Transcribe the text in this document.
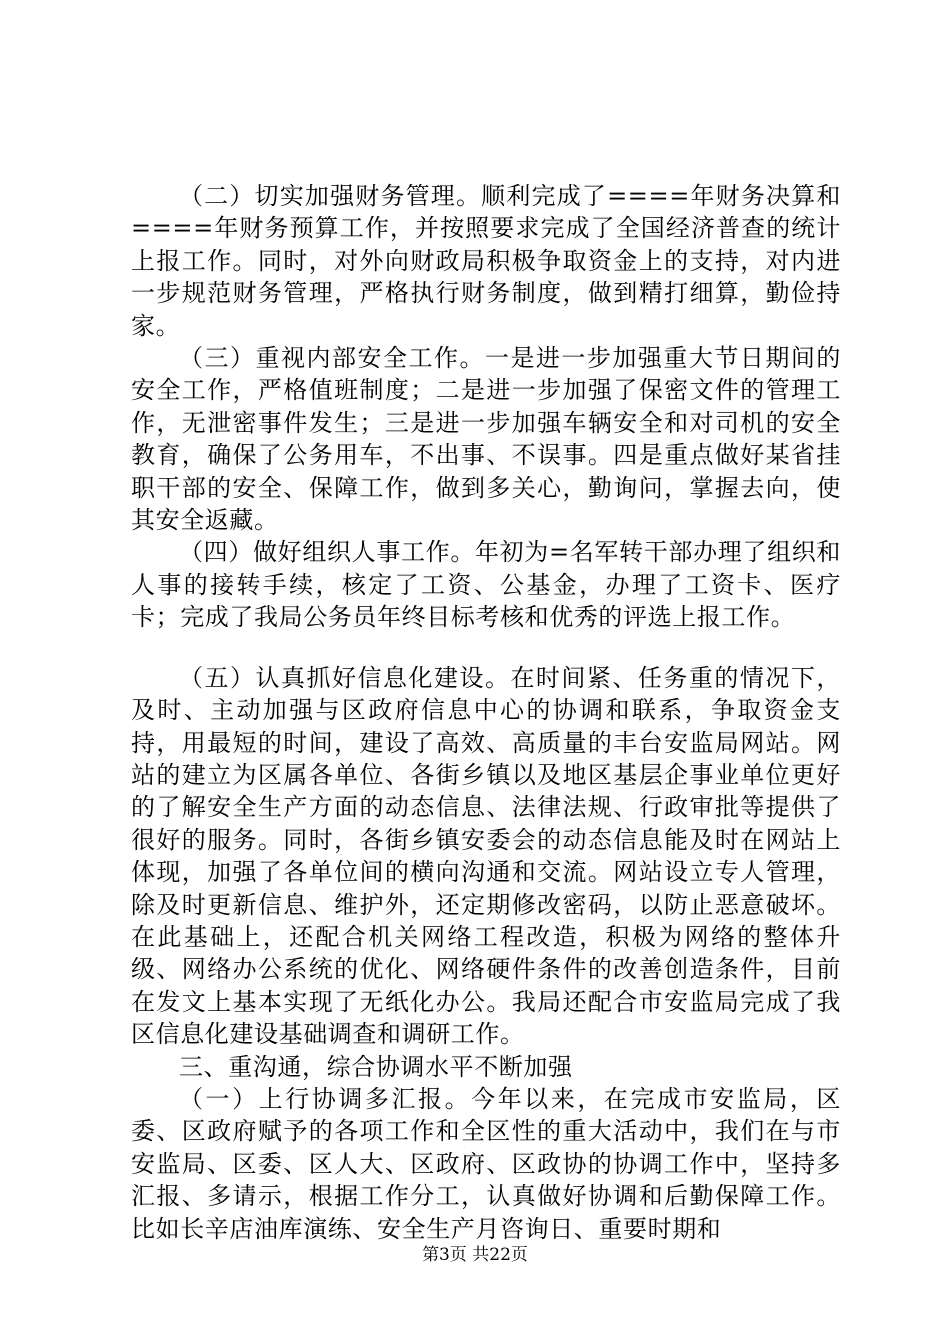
（二）切实加强财务管理。顺利完成了====年财务决算和====年财务预算工作，并按照要求完成了全国经济普查的统计上报工作。同时，对外向财政局积极争取资金上的支持，对内进一步规范财务管理，严格执行财务制度，做到精打细算，勤俭持家。

（三）重视内部安全工作。一是进一步加强重大节日期间的安全工作，严格值班制度；二是进一步加强了保密文件的管理工作，无泄密事件发生；三是进一步加强车辆安全和对司机的安全教育，确保了公务用车，不出事、不误事。四是重点做好某省挂职干部的安全、保障工作，做到多关心，勤询问，掌握去向，使其安全返藏。

（四）做好组织人事工作。年初为=名军转干部办理了组织和人事的接转手续，核定了工资、公基金，办理了工资卡、医疗卡；完成了我局公务员年终目标考核和优秀的评选上报工作。

（五）认真抓好信息化建设。在时间紧、任务重的情况下，及时、主动加强与区政府信息中心的协调和联系，争取资金支持，用最短的时间，建设了高效、高质量的丰台安监局网站。网站的建立为区属各单位、各街乡镇以及地区基层企事业单位更好的了解安全生产方面的动态信息、法律法规、行政审批等提供了很好的服务。同时，各街乡镇安委会的动态信息能及时在网站上体现，加强了各单位间的横向沟通和交流。网站设立专人管理，除及时更新信息、维护外，还定期修改密码，以防止恶意破坏。在此基础上，还配合机关网络工程改造，积极为网络的整体升级、网络办公系统的优化、网络硬件条件的改善创造条件，目前在发文上基本实现了无纸化办公。我局还配合市安监局完成了我区信息化建设基础调查和调研工作。

三、重沟通，综合协调水平不断加强

（一）上行协调多汇报。今年以来，在完成市安监局，区委、区政府赋予的各项工作和全区性的重大活动中，我们在与市安监局、区委、区人大、区政府、区政协的协调工作中，坚持多汇报、多请示，根据工作分工，认真做好协调和后勤保障工作。比如长辛店油库演练、安全生产月咨询日、重要时期和

第3页 共22页
